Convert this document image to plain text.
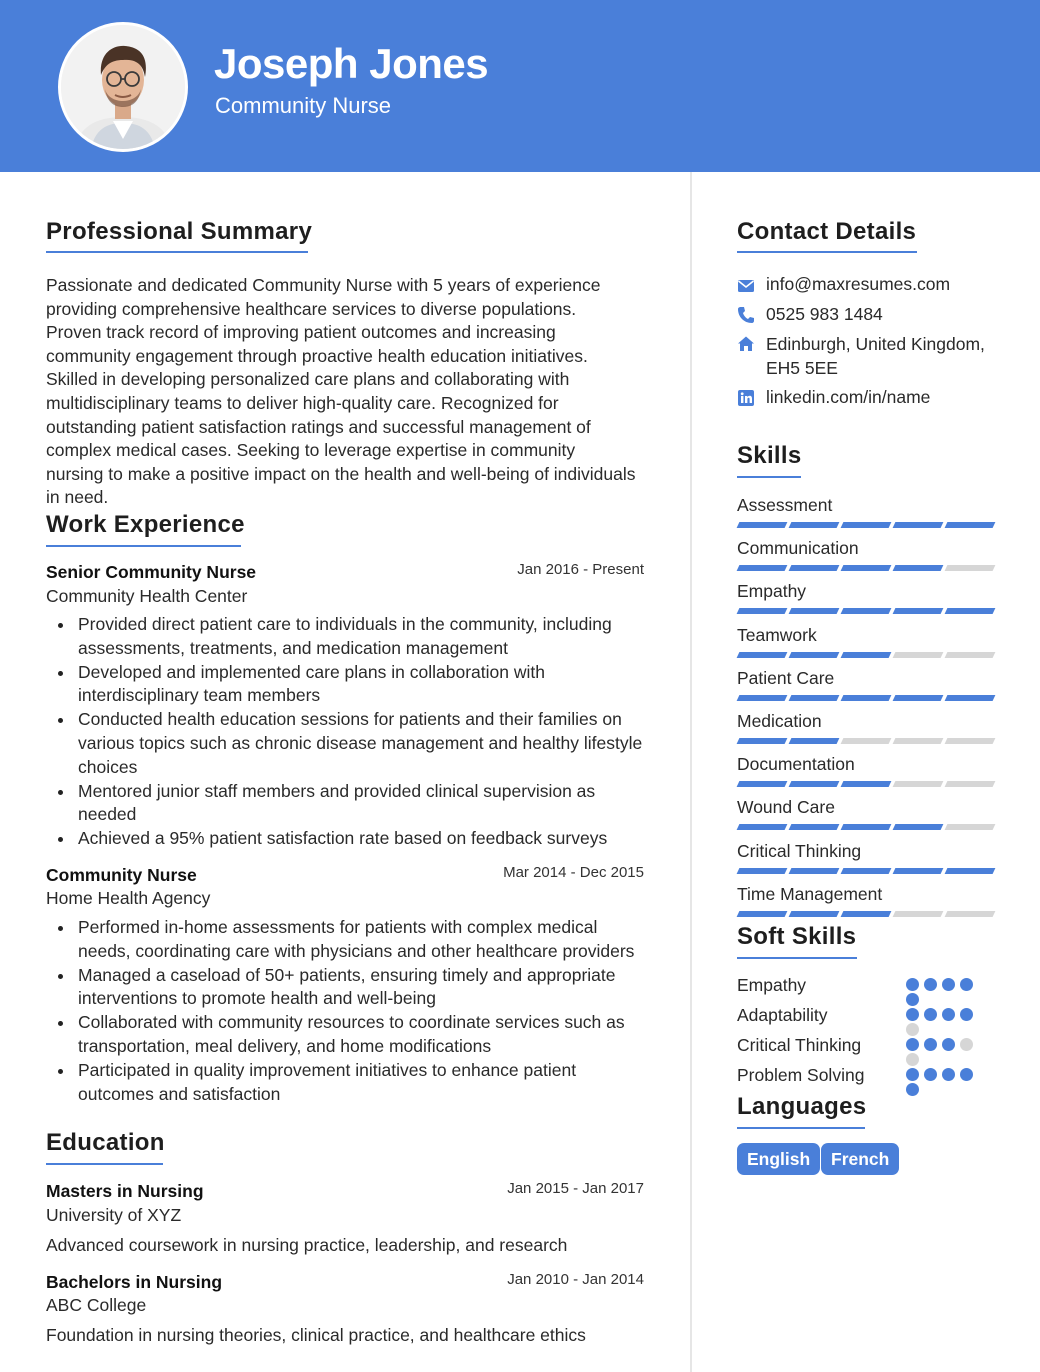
Joseph Jones
Community Nurse
Professional Summary
Passionate and dedicated Community Nurse with 5 years of experience providing comprehensive healthcare services to diverse populations. Proven track record of improving patient outcomes and increasing community engagement through proactive health education initiatives. Skilled in developing personalized care plans and collaborating with multidisciplinary teams to deliver high-quality care. Recognized for outstanding patient satisfaction ratings and successful management of complex medical cases. Seeking to leverage expertise in community nursing to make a positive impact on the health and well-being of individuals in need.
Work Experience
Senior Community Nurse	Jan 2016 - Present
Community Health Center
Provided direct patient care to individuals in the community, including assessments, treatments, and medication management
Developed and implemented care plans in collaboration with interdisciplinary team members
Conducted health education sessions for patients and their families on various topics such as chronic disease management and healthy lifestyle choices
Mentored junior staff members and provided clinical supervision as needed
Achieved a 95% patient satisfaction rate based on feedback surveys
Community Nurse	Mar 2014 - Dec 2015
Home Health Agency
Performed in-home assessments for patients with complex medical needs, coordinating care with physicians and other healthcare providers
Managed a caseload of 50+ patients, ensuring timely and appropriate interventions to promote health and well-being
Collaborated with community resources to coordinate services such as transportation, meal delivery, and home modifications
Participated in quality improvement initiatives to enhance patient outcomes and satisfaction
Education
Masters in Nursing	Jan 2015 - Jan 2017
University of XYZ
Advanced coursework in nursing practice, leadership, and research
Bachelors in Nursing	Jan 2010 - Jan 2014
ABC College
Foundation in nursing theories, clinical practice, and healthcare ethics
Contact Details
info@maxresumes.com
0525 983 1484
Edinburgh, United Kingdom, EH5 5EE
linkedin.com/in/name
Skills
Assessment
Communication
Empathy
Teamwork
Patient Care
Medication
Documentation
Wound Care
Critical Thinking
Time Management
Soft Skills
Empathy
Adaptability
Critical Thinking
Problem Solving
Languages
English	French
